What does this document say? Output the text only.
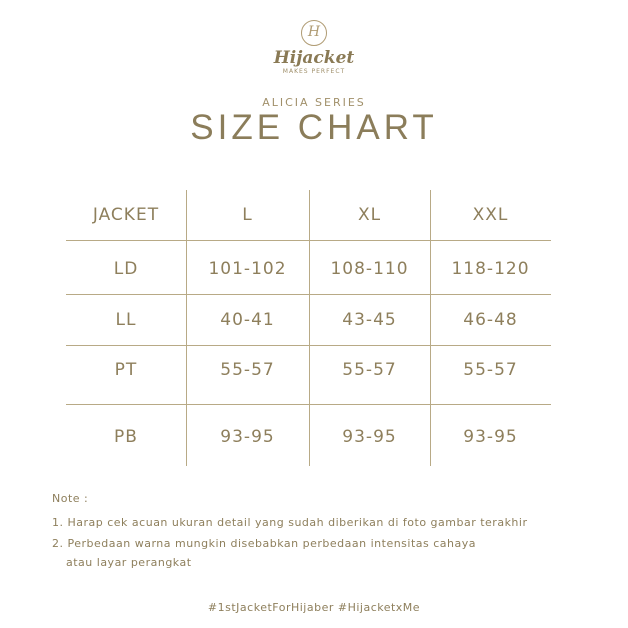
H
Hijacket
MAKES PERFECT
ALICIA SERIES
SIZE CHART
JACKET	L	XL	XXL
LD	101-102	108-110	118-120
LL	40-41	43-45	46-48
PT	55-57	55-57	55-57
PB	93-95	93-95	93-95
Note :
1. Harap cek acuan ukuran detail yang sudah diberikan di foto gambar terakhir
2. Perbedaan warna mungkin disebabkan perbedaan intensitas cahaya
atau layar perangkat
#1stJacketForHijaber #HijacketxMe
